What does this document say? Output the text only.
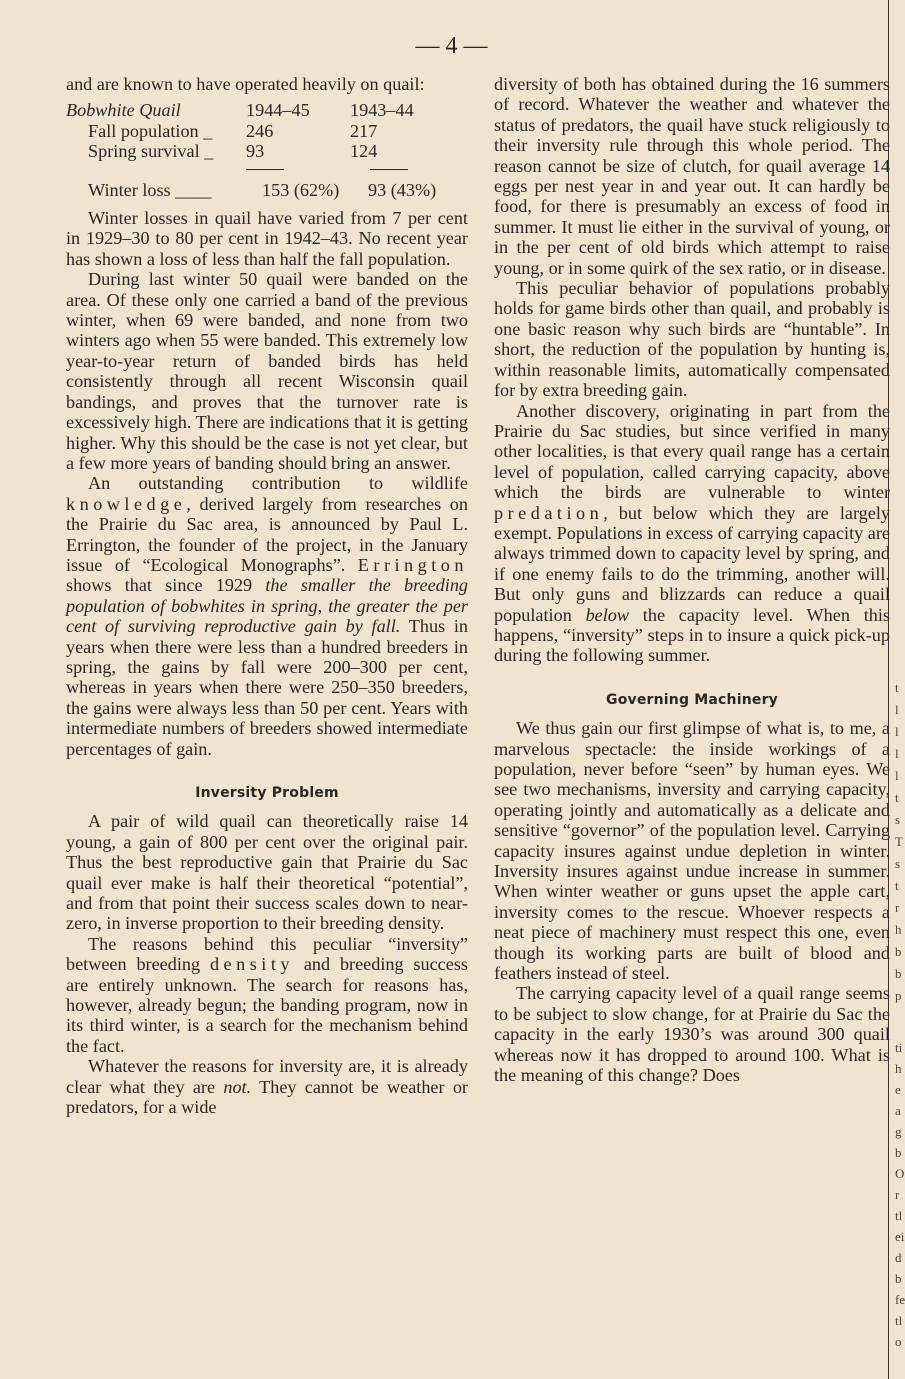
— 4 —

and are known to have operated heavily on quail:

Bobwhite Quail	1944–45	1943–44
Fall population _	246	217
Spring survival _	93	124
Winter loss ____	153 (62%)	93 (43%)

Winter losses in quail have varied from 7 per cent in 1929–30 to 80 per cent in 1942–43. No recent year has shown a loss of less than half the fall population.

During last winter 50 quail were banded on the area. Of these only one carried a band of the previous winter, when 69 were banded, and none from two winters ago when 55 were banded. This extremely low year-to-year return of banded birds has held consistently through all recent Wisconsin quail bandings, and proves that the turnover rate is excessively high. There are indications that it is getting higher. Why this should be the case is not yet clear, but a few more years of banding should bring an answer.

An outstanding contribution to wildlife knowledge, derived largely from researches on the Prairie du Sac area, is announced by Paul L. Errington, the founder of the project, in the January issue of “Ecological Monographs”. Errington shows that since 1929 the smaller the breeding population of bobwhites in spring, the greater the per cent of surviving reproductive gain by fall. Thus in years when there were less than a hundred breeders in spring, the gains by fall were 200–300 per cent, whereas in years when there were 250–350 breeders, the gains were always less than 50 per cent. Years with intermediate numbers of breeders showed intermediate percentages of gain.

Inversity Problem

A pair of wild quail can theoretically raise 14 young, a gain of 800 per cent over the original pair. Thus the best reproductive gain that Prairie du Sac quail ever make is half their theoretical “potential”, and from that point their success scales down to near-zero, in inverse proportion to their breeding density.

The reasons behind this peculiar “inversity” between breeding density and breeding success are entirely unknown. The search for reasons has, however, already begun; the banding program, now in its third winter, is a search for the mechanism behind the fact.

Whatever the reasons for inversity are, it is already clear what they are not. They cannot be weather or predators, for a wide

diversity of both has obtained during the 16 summers of record. Whatever the weather and whatever the status of predators, the quail have stuck religiously to their inversity rule through this whole period. The reason cannot be size of clutch, for quail average 14 eggs per nest year in and year out. It can hardly be food, for there is presumably an excess of food in summer. It must lie either in the survival of young, or in the per cent of old birds which attempt to raise young, or in some quirk of the sex ratio, or in disease.

This peculiar behavior of populations probably holds for game birds other than quail, and probably is one basic reason why such birds are “huntable”. In short, the reduction of the population by hunting is, within reasonable limits, automatically compensated for by extra breeding gain.

Another discovery, originating in part from the Prairie du Sac studies, but since verified in many other localities, is that every quail range has a certain level of population, called carrying capacity, above which the birds are vulnerable to winter predation, but below which they are largely exempt. Populations in excess of carrying capacity are always trimmed down to capacity level by spring, and if one enemy fails to do the trimming, another will. But only guns and blizzards can reduce a quail population below the capacity level. When this happens, “inversity” steps in to insure a quick pick-up during the following summer.

Governing Machinery

We thus gain our first glimpse of what is, to me, a marvelous spectacle: the inside workings of a population, never before “seen” by human eyes. We see two mechanisms, inversity and carrying capacity, operating jointly and automatically as a delicate and sensitive “governor” of the population level. Carrying capacity insures against undue depletion in winter. Inversity insures against undue increase in summer. When winter weather or guns upset the apple cart, inversity comes to the rescue. Whoever respects a neat piece of machinery must respect this one, even though its working parts are built of blood and feathers instead of steel.

The carrying capacity level of a quail range seems to be subject to slow change, for at Prairie du Sac the capacity in the early 1930’s was around 300 quail whereas now it has dropped to around 100. What is the meaning of this change? Does

t
l
l
l
l
t
s
T
s
t
r
h
b
b
p
ti
h
e
a
g
b
O
r
tl
ei
d
b
fe
tl
o
